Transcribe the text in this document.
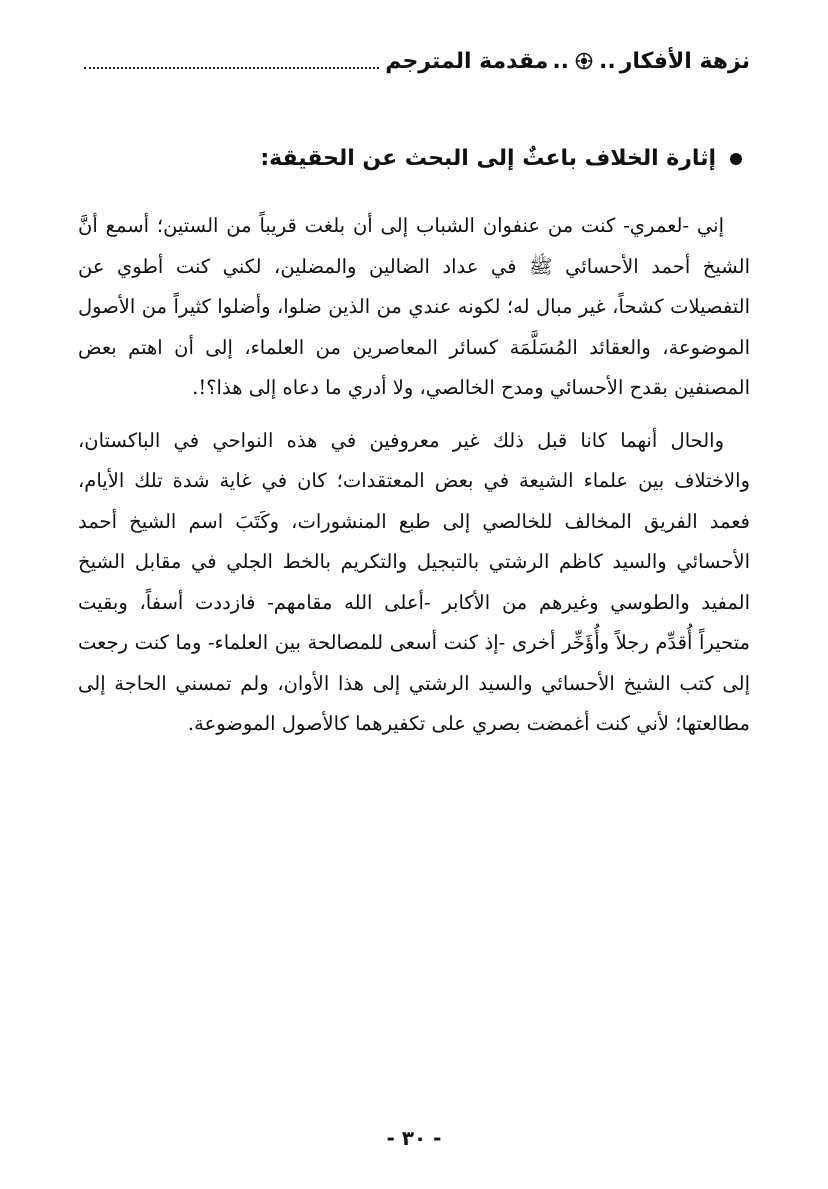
نزهة الأفكار
..
..
مقدمة المترجم
إثارة الخلاف باعثٌ إلى البحث عن الحقيقة:

إني -لعمري- كنت من عنفوان الشباب إلى أن بلغت قريباً من الستين؛ أسمع أنَّ الشيخ أحمد الأحسائي ﷺ في عداد الضالين والمضلين، لكني كنت أطوي عن التفصيلات كشحاً، غير مبال له؛ لكونه عندي من الذين ضلوا، وأضلوا كثيراً من الأصول الموضوعة، والعقائد المُسَلَّمَة كسائر المعاصرين من العلماء، إلى أن اهتم بعض المصنفين بقدح الأحسائي ومدح الخالصي، ولا أدري ما دعاه إلى هذا؟!.

والحال أنهما كانا قبل ذلك غير معروفين في هذه النواحي في الباكستان، والاختلاف بين علماء الشيعة في بعض المعتقدات؛ كان في غاية شدة تلك الأيام، فعمد الفريق المخالف للخالصي إلى طبع المنشورات، وكَتَبَ اسم الشيخ أحمد الأحسائي والسيد كاظم الرشتي بالتبجيل والتكريم بالخط الجلي في مقابل الشيخ المفيد والطوسي وغيرهم من الأكابر -أعلى الله مقامهم- فازددت أسفاً، وبقيت متحيراً أُقدِّم رجلاً وأُؤَخِّر أخرى -إذ كنت أسعى للمصالحة بين العلماء- وما كنت رجعت إلى كتب الشيخ الأحسائي والسيد الرشتي إلى هذا الأوان، ولم تمسني الحاجة إلى مطالعتها؛ لأني كنت أغمضت بصري على تكفيرهما كالأصول الموضوعة.

- ٣٠ -
